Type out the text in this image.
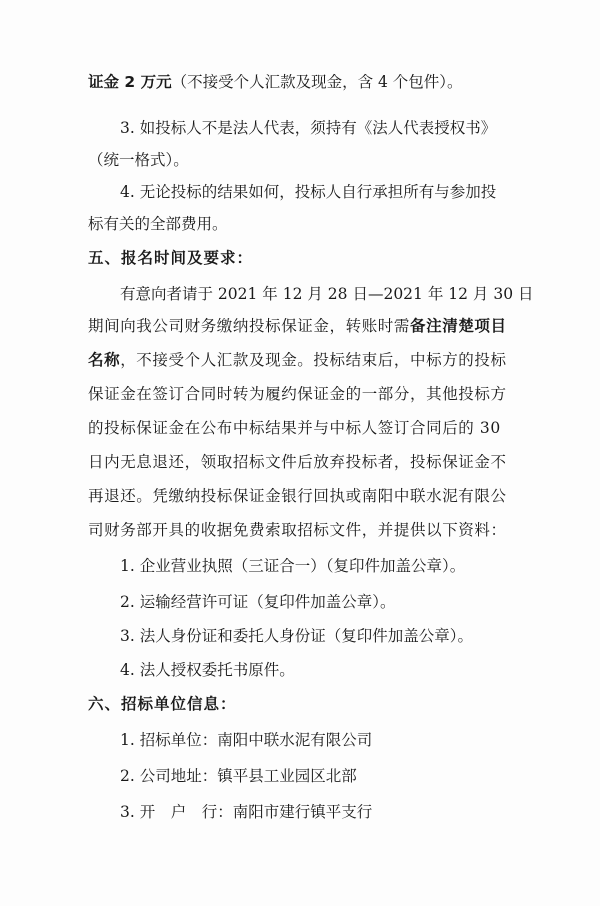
证金 2 万元（不接受个人汇款及现金，含 4 个包件）。
3. 如投标人不是法人代表，须持有《法人代表授权书》
（统一格式）。
4. 无论投标的结果如何，投标人自行承担所有与参加投
标有关的全部费用。
五、报名时间及要求：
有意向者请于 2021 年 12 月 28 日—2021 年 12 月 30 日
期间向我公司财务缴纳投标保证金，转账时需备注清楚项目
名称，不接受个人汇款及现金。投标结束后，中标方的投标
保证金在签订合同时转为履约保证金的一部分，其他投标方
的投标保证金在公布中标结果并与中标人签订合同后的 30
日内无息退还，领取招标文件后放弃投标者，投标保证金不
再退还。凭缴纳投标保证金银行回执或南阳中联水泥有限公
司财务部开具的收据免费索取招标文件，并提供以下资料：
1. 企业营业执照（三证合一）（复印件加盖公章）。
2. 运输经营许可证（复印件加盖公章）。
3. 法人身份证和委托人身份证（复印件加盖公章）。
4. 法人授权委托书原件。
六、招标单位信息：
1. 招标单位：南阳中联水泥有限公司
2. 公司地址：镇平县工业园区北部
3. 开　户　行：南阳市建行镇平支行
